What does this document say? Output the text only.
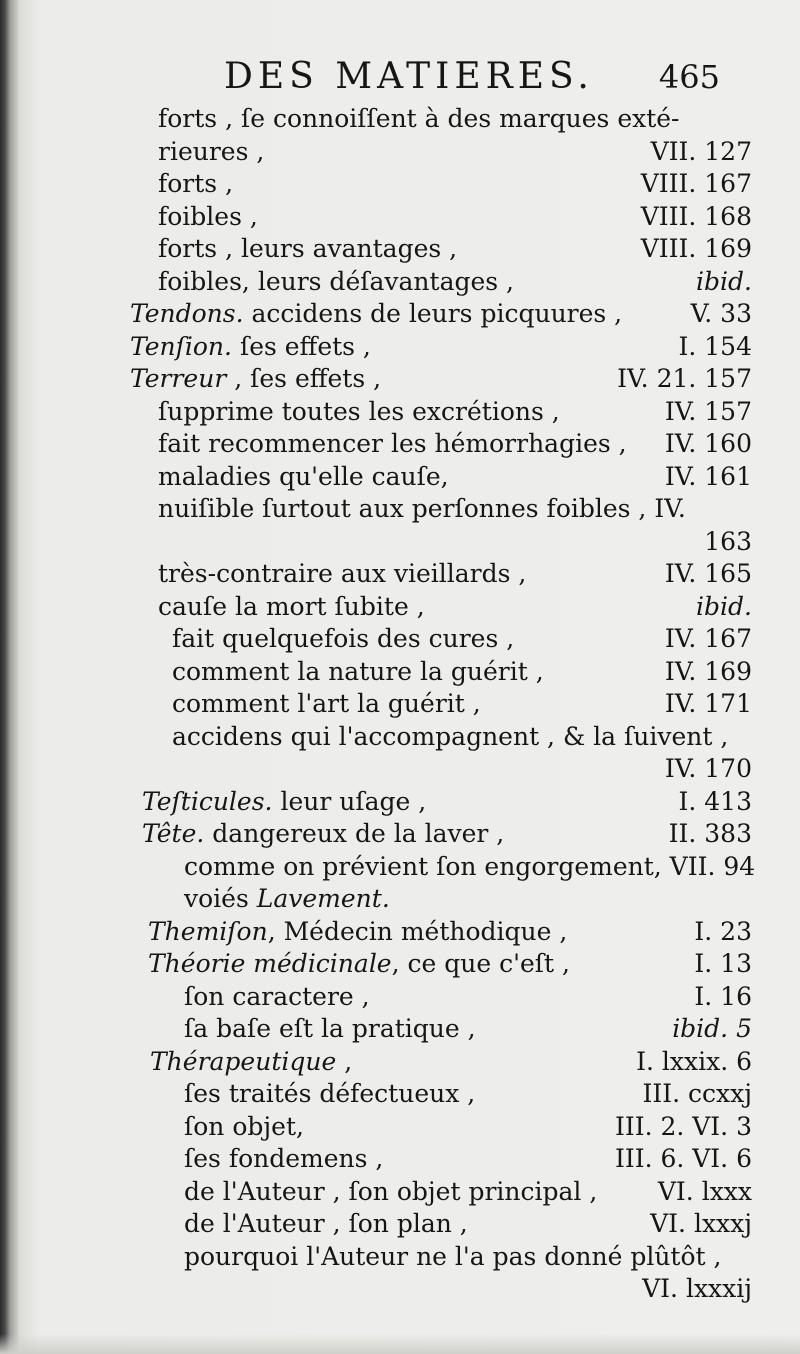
DES MATIERES. 465
forts , ſe connoiſſent à des marques exté-
rieures ,	VII. 127
forts ,	VIII. 167
foibles ,	VIII. 168
forts , leurs avantages ,	VIII. 169
foibles, leurs déſavantages ,	ibid.
Tendons. accidens de leurs picquures ,	V. 33
Tenſion. ſes effets ,	I. 154
Terreur , ſes effets ,	IV. 21. 157
ſupprime toutes les excrétions ,	IV. 157
fait recommencer les hémorrhagies , IV. 160
maladies qu'elle cauſe,	IV. 161
nuiſible ſurtout aux perſonnes foibles , IV.
163
très-contraire aux vieillards ,	IV. 165
cauſe la mort ſubite ,	ibid.
fait quelquefois des cures ,	IV. 167
comment la nature la guérit ,	IV. 169
comment l'art la guérit ,	IV. 171
accidens qui l'accompagnent , & la ſuivent ,
IV. 170
Teſticules. leur uſage ,	I. 413
Tête. dangereux de la laver ,	II. 383
comme on prévient ſon engorgement, VII. 94
voiés Lavement.
Themiſon, Médecin méthodique ,	I. 23
Théorie médicinale, ce que c'eſt ,	I. 13
ſon caractere ,	I. 16
ſa baſe eſt la pratique ,	ibid. 5
Thérapeutique ,	I. lxxix. 6
ſes traités défectueux ,	III. ccxxj
ſon objet,	III. 2. VI. 3
ſes fondemens ,	III. 6. VI. 6
de l'Auteur , ſon objet principal , VI. lxxx
de l'Auteur , ſon plan ,	VI. lxxxj
pourquoi l'Auteur ne l'a pas donné plûtôt ,
VI. lxxxij
